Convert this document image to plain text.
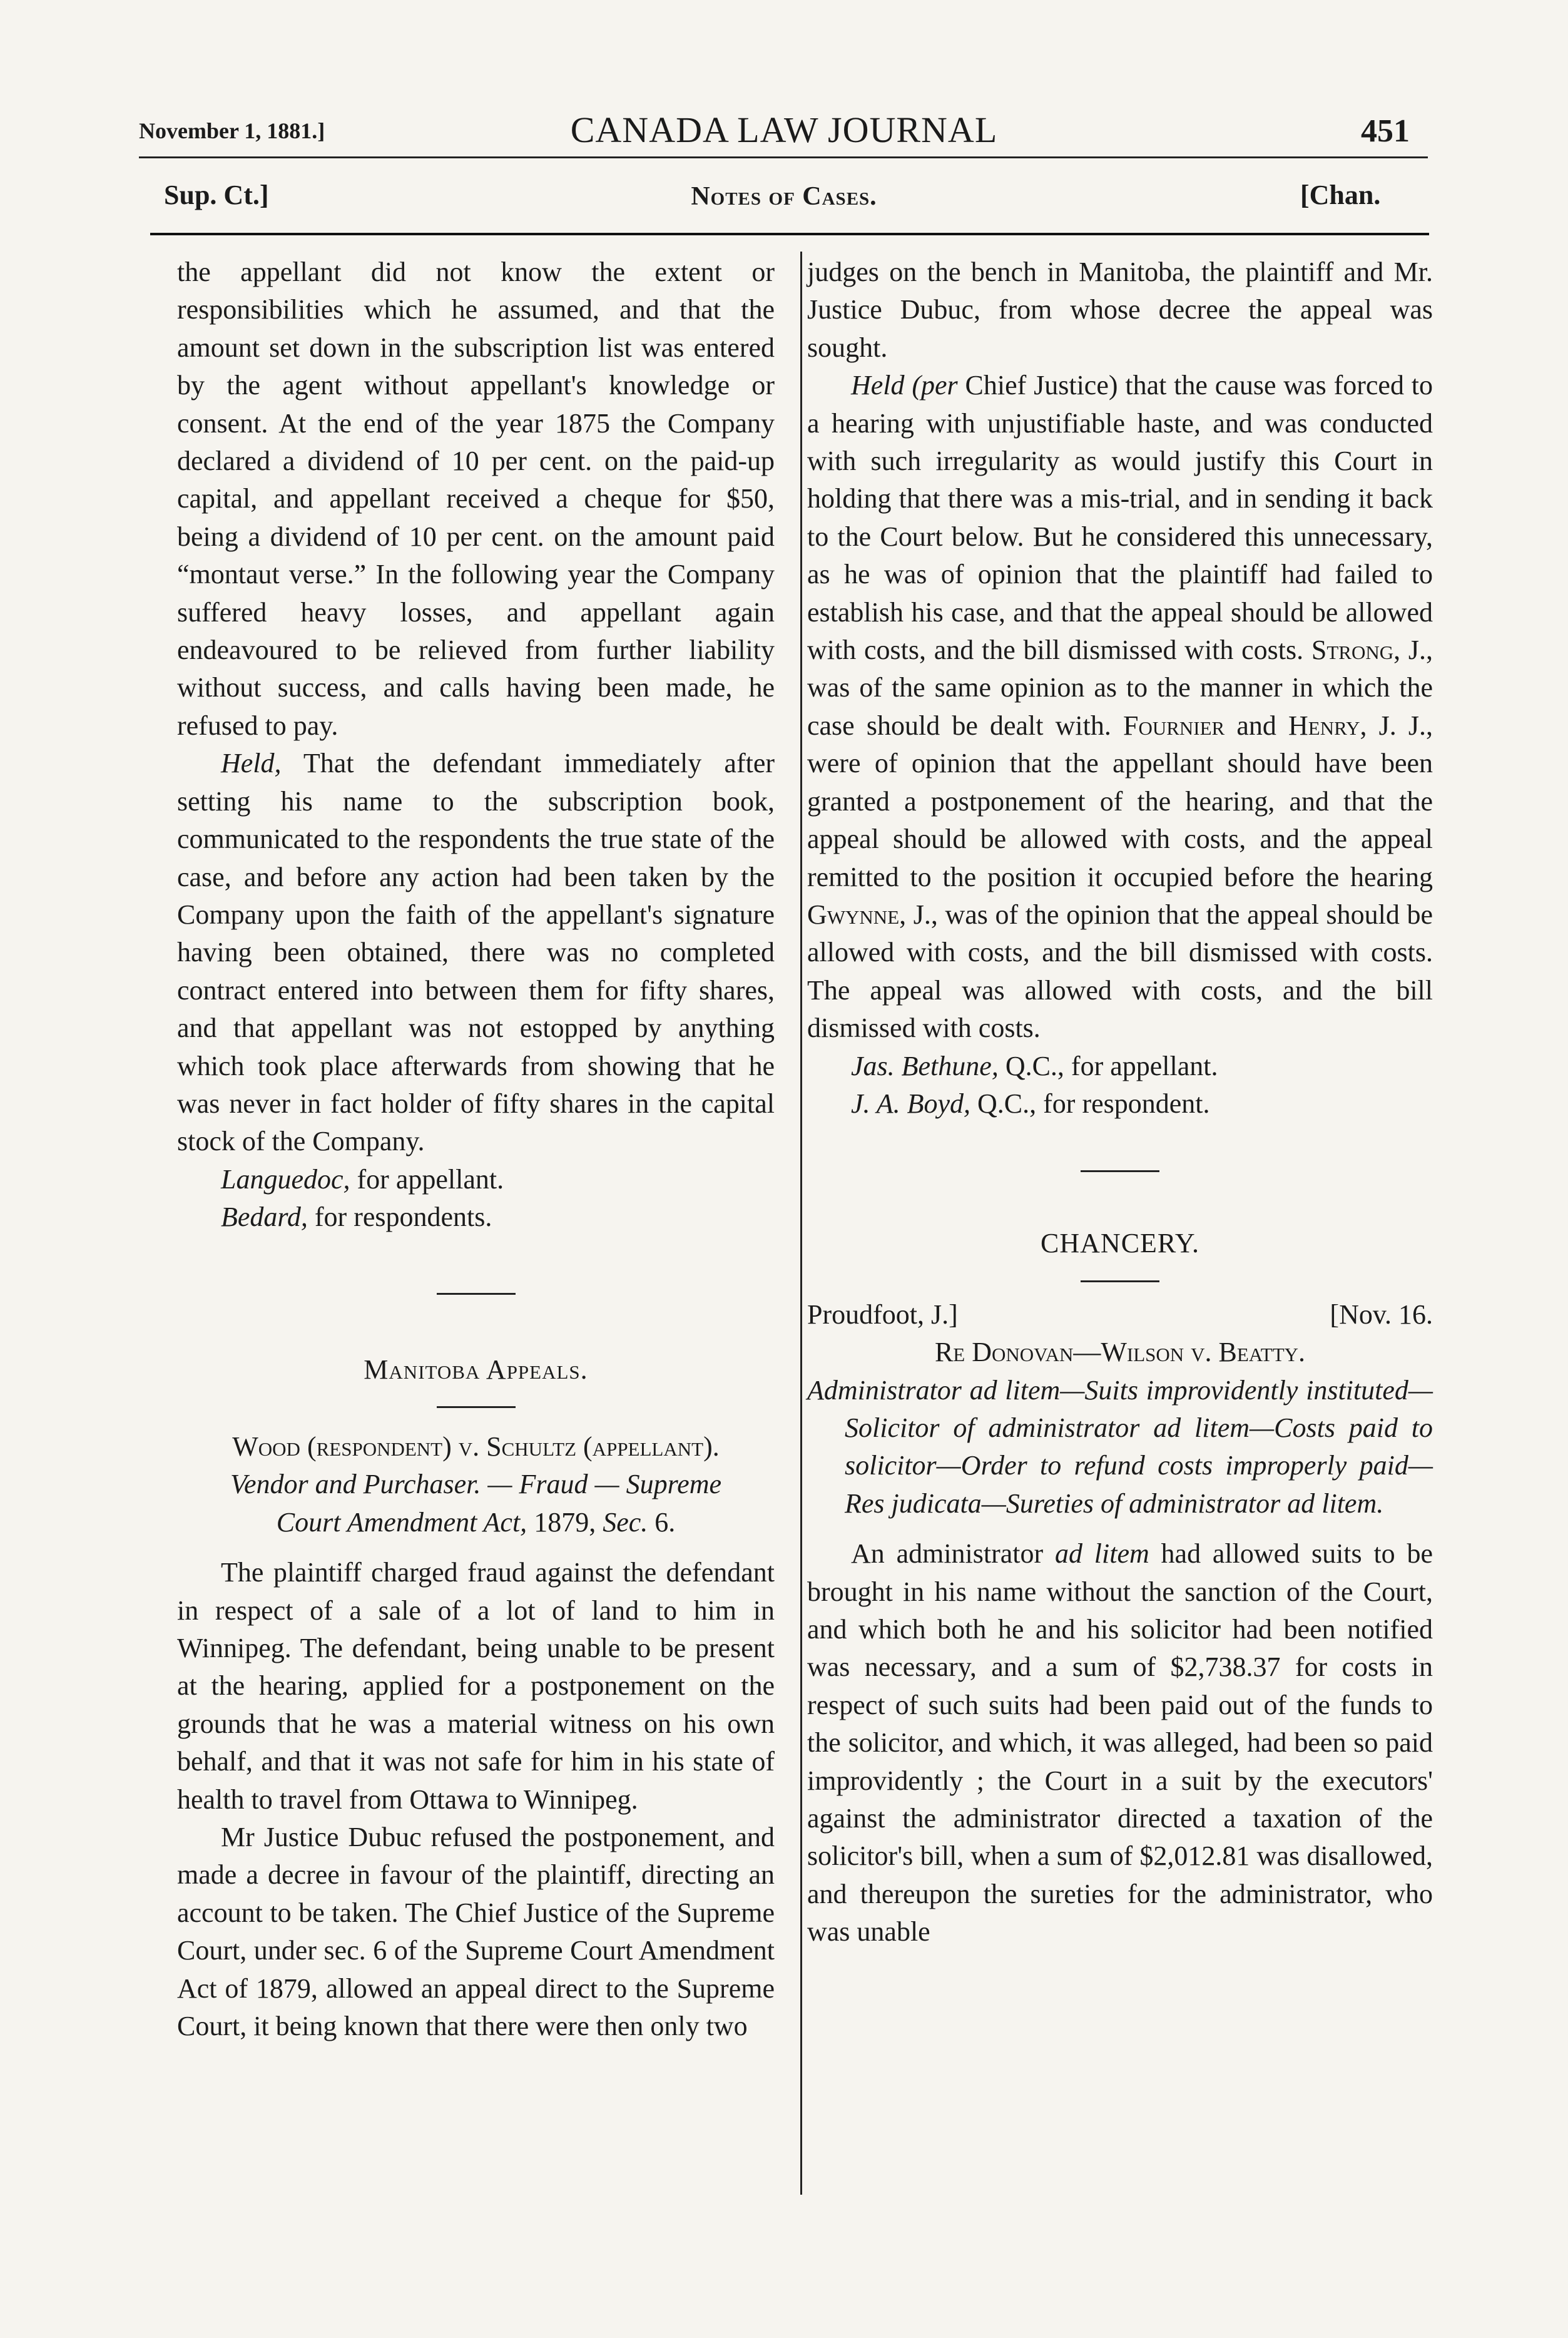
November 1, 1881.]	CANADA LAW JOURNAL	451
Sup. Ct.]	Notes of Cases.	[Chan.

the appellant did not know the extent or responsibilities which he assumed, and that the amount set down in the subscription list was entered by the agent without appellant's knowledge or consent. At the end of the year 1875 the Company declared a dividend of 10 per cent. on the paid-up capital, and appellant received a cheque for $50, being a dividend of 10 per cent. on the amount paid “montaut verse.” In the following year the Company suffered heavy losses, and appellant again endeavoured to be relieved from further liability without success, and calls having been made, he refused to pay.

Held, That the defendant immediately after setting his name to the subscription book, communicated to the respondents the true state of the case, and before any action had been taken by the Company upon the faith of the appellant's signature having been obtained, there was no completed contract entered into between them for fifty shares, and that appellant was not estopped by anything which took place afterwards from showing that he was never in fact holder of fifty shares in the capital stock of the Company.

Languedoc, for appellant.

Bedard, for respondents.

Manitoba Appeals.

Wood (respondent) v. Schultz (appellant).

Vendor and Purchaser. — Fraud — Supreme

Court Amendment Act, 1879, Sec. 6.

The plaintiff charged fraud against the defendant in respect of a sale of a lot of land to him in Winnipeg. The defendant, being unable to be present at the hearing, applied for a postponement on the grounds that he was a material witness on his own behalf, and that it was not safe for him in his state of health to travel from Ottawa to Winnipeg.

Mr Justice Dubuc refused the postponement, and made a decree in favour of the plaintiff, directing an account to be taken. The Chief Justice of the Supreme Court, under sec. 6 of the Supreme Court Amendment Act of 1879, allowed an appeal direct to the Supreme Court, it being known that there were then only two

judges on the bench in Manitoba, the plaintiff and Mr. Justice Dubuc, from whose decree the appeal was sought.

Held (per Chief Justice) that the cause was forced to a hearing with unjustifiable haste, and was conducted with such irregularity as would justify this Court in holding that there was a mis-trial, and in sending it back to the Court below. But he considered this unnecessary, as he was of opinion that the plaintiff had failed to establish his case, and that the appeal should be allowed with costs, and the bill dismissed with costs. Strong, J., was of the same opinion as to the manner in which the case should be dealt with. Fournier and Henry, J. J., were of opinion that the appellant should have been granted a postponement of the hearing, and that the appeal should be allowed with costs, and the appeal remitted to the position it occupied before the hearing Gwynne, J., was of the opinion that the appeal should be allowed with costs, and the bill dismissed with costs. The appeal was allowed with costs, and the bill dismissed with costs.

Jas. Bethune, Q.C., for appellant.

J. A. Boyd, Q.C., for respondent.

CHANCERY.

Proudfoot, J.]	[Nov. 16.

Re Donovan—Wilson v. Beatty.

Administrator ad litem—Suits improvidently instituted—Solicitor of administrator ad litem—Costs paid to solicitor—Order to refund costs improperly paid—Res judicata—Sureties of administrator ad litem.

An administrator ad litem had allowed suits to be brought in his name without the sanction of the Court, and which both he and his solicitor had been notified was necessary, and a sum of $2,738.37 for costs in respect of such suits had been paid out of the funds to the solicitor, and which, it was alleged, had been so paid improvidently ; the Court in a suit by the executors' against the administrator directed a taxation of the solicitor's bill, when a sum of $2,012.81 was disallowed, and thereupon the sureties for the administrator, who was unable
